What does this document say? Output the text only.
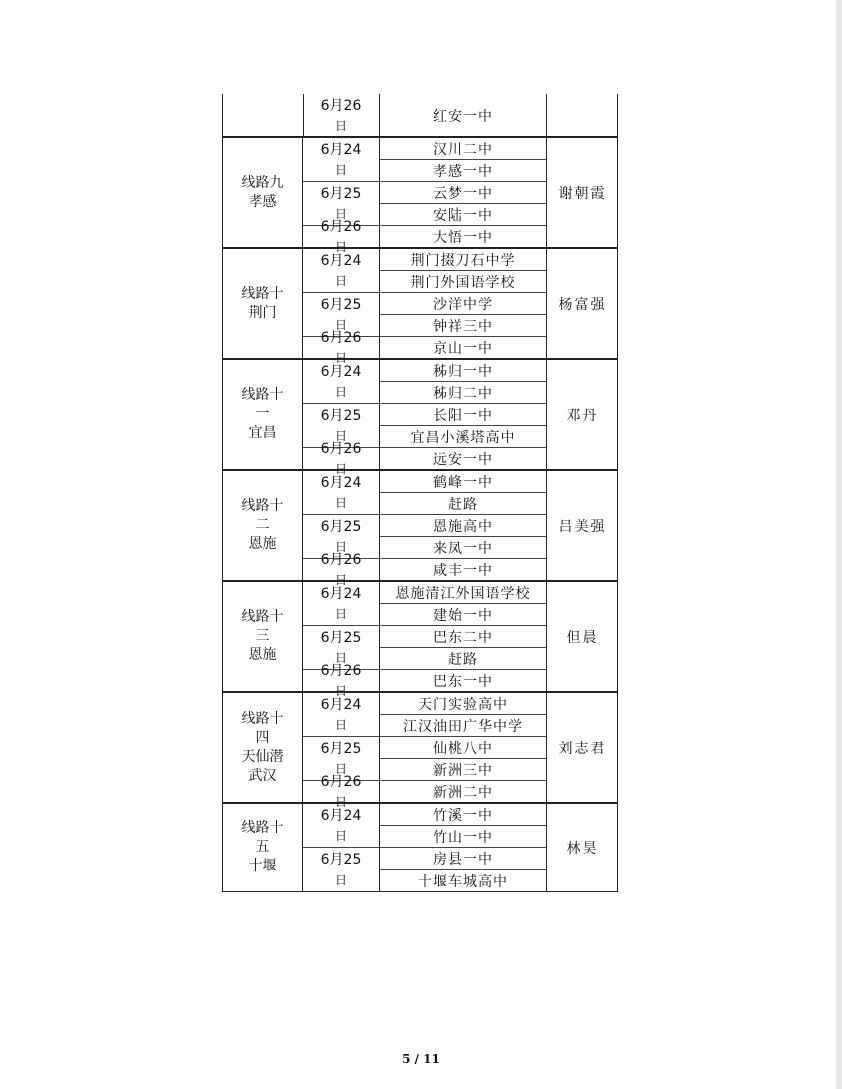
6月26
日
红安一中
线路九
孝感
6月24
日
汉川二中
孝感一中
6月25
日
云梦一中
安陆一中
6月26
日
大悟一中
谢朝霞
线路十
荆门
6月24
日
荆门掇刀石中学
荆门外国语学校
6月25
日
沙洋中学
钟祥三中
6月26
日
京山一中
杨富强
线路十
一
宜昌
6月24
日
秭归一中
秭归二中
6月25
日
长阳一中
宜昌小溪塔高中
6月26
日
远安一中
邓丹
线路十
二
恩施
6月24
日
鹤峰一中
赶路
6月25
日
恩施高中
来凤一中
6月26
日
咸丰一中
吕美强
线路十
三
恩施
6月24
日
恩施清江外国语学校
建始一中
6月25
日
巴东二中
赶路
6月26
日
巴东一中
但晨
线路十
四
天仙潜
武汉
6月24
日
天门实验高中
江汉油田广华中学
6月25
日
仙桃八中
新洲三中
6月26
日
新洲二中
刘志君
线路十
五
十堰
6月24
日
竹溪一中
竹山一中
6月25
日
房县一中
十堰车城高中
林昊
5 / 11
